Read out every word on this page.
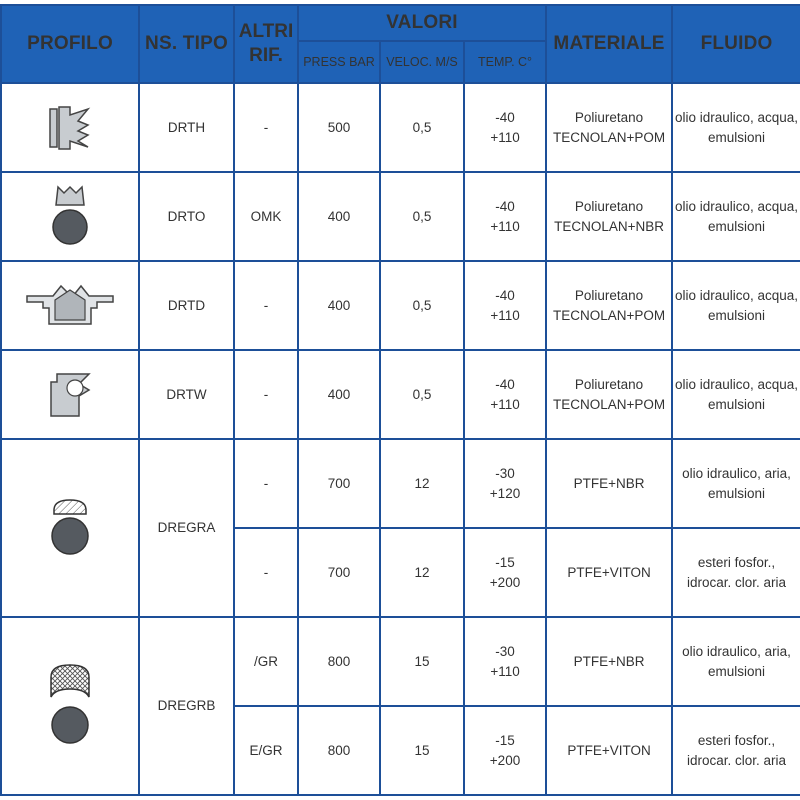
PROFILO	NS. TIPO	ALTRI
RIF.	VALORI			MATERIALE	FLUIDO
			PRESS BAR	VELOC. M/S	TEMP. C°		
	DRTH	-	500	0,5	-40
+110	Poliuretano
TECNOLAN+POM	olio idraulico, acqua,
emulsioni

	DRTO	OMK	400	0,5	-40
+110	Poliuretano
TECNOLAN+NBR	olio idraulico, acqua,
emulsioni

	DRTD	-	400	0,5	-40
+110	Poliuretano
TECNOLAN+POM	olio idraulico, acqua,
emulsioni

	DRTW	-	400	0,5	-40
+110	Poliuretano
TECNOLAN+POM	olio idraulico, acqua,
emulsioni

	DREGRA	-	700	12	-30
+120	PTFE+NBR	olio idraulico, aria,
emulsioni

		-	700	12	-15
+200	PTFE+VITON	esteri fosfor.,
idrocar. clor. aria

	DREGRB	/GR	800	15	-30
+110	PTFE+NBR	olio idraulico, aria,
emulsioni

		E/GR	800	15	-15
+200	PTFE+VITON	esteri fosfor.,
idrocar. clor. aria
